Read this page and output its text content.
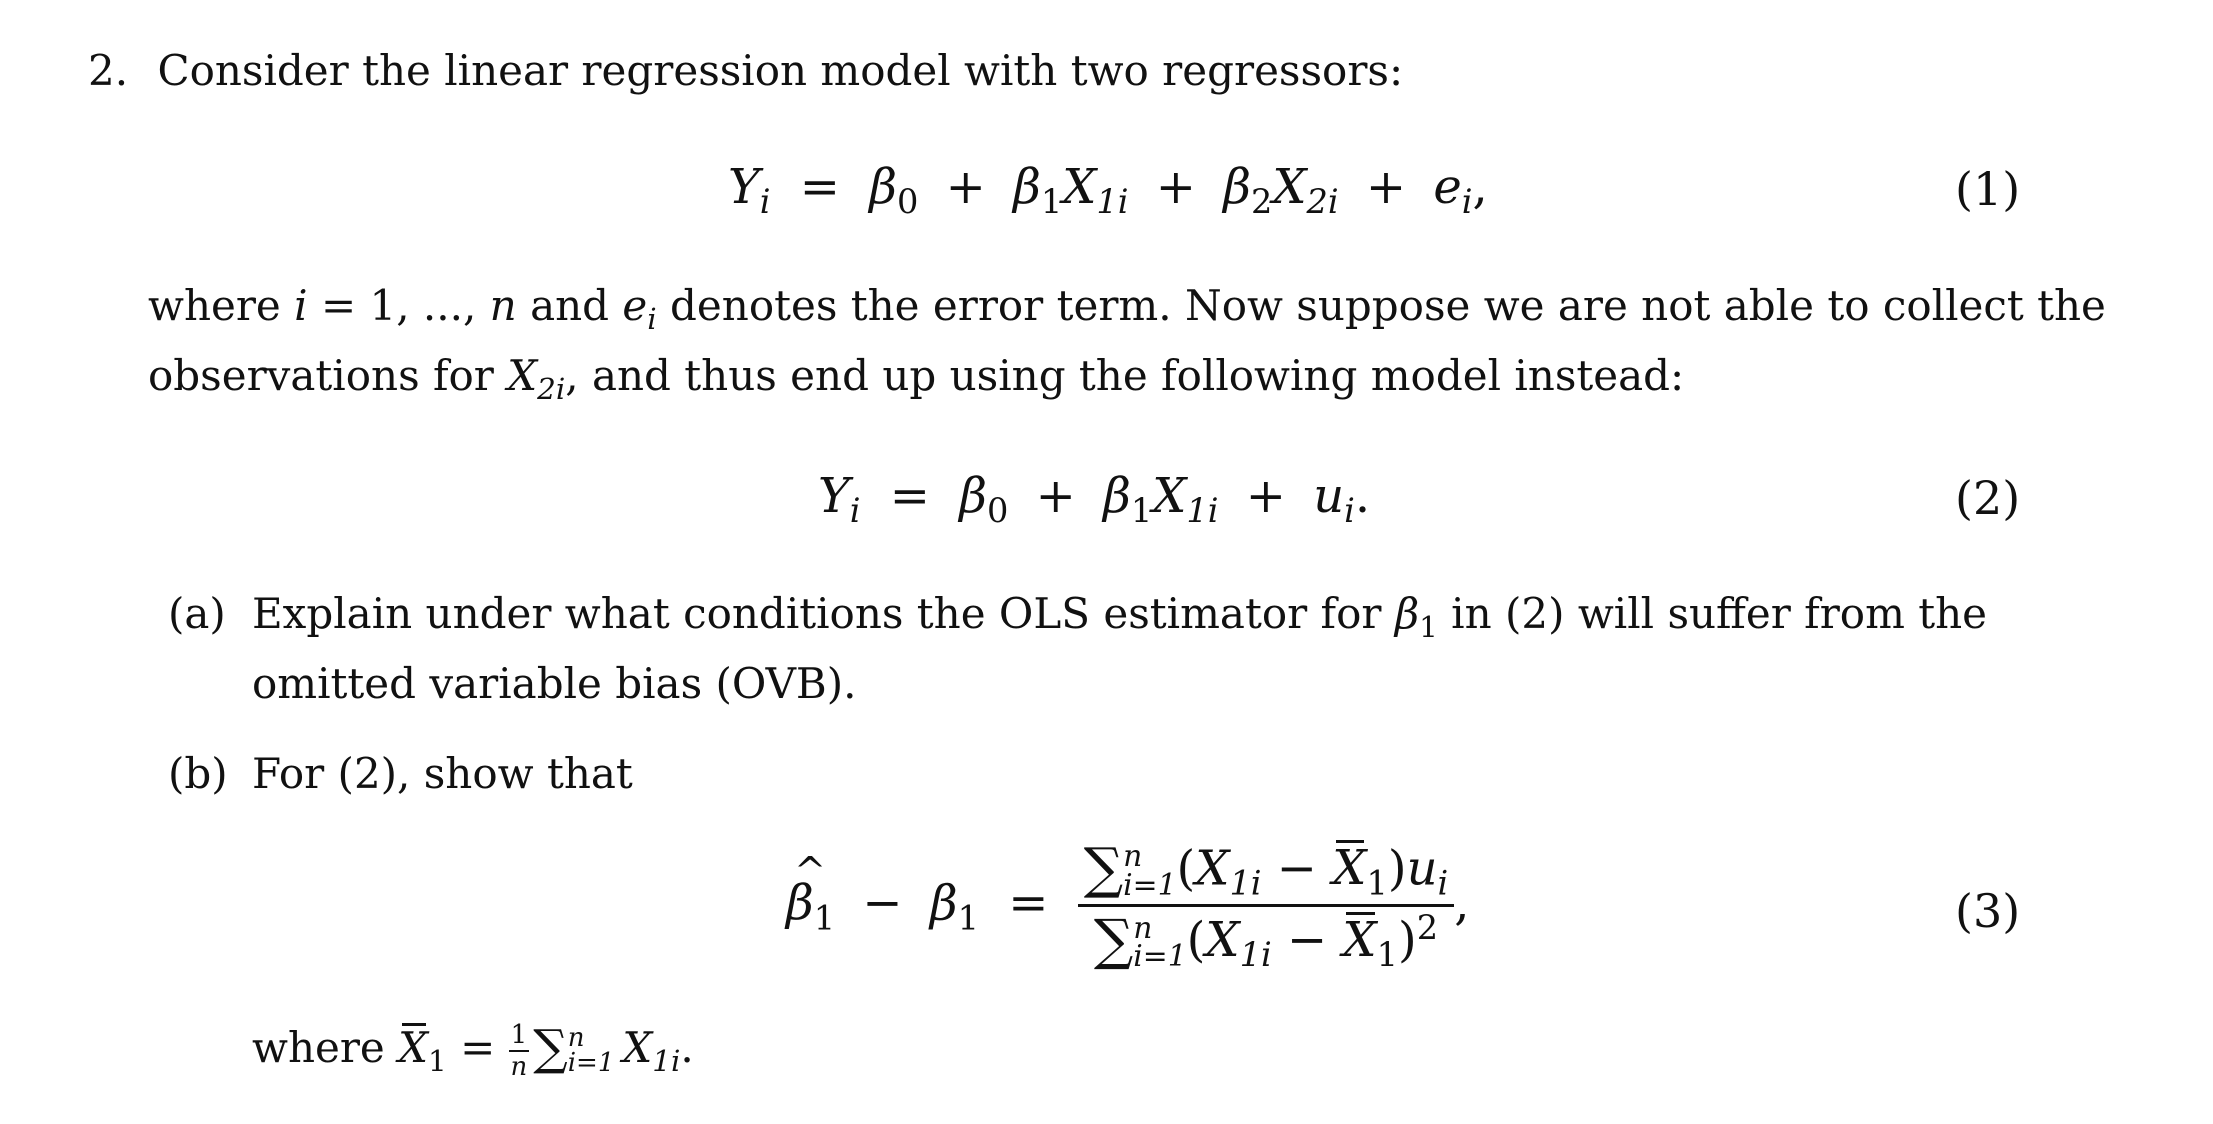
2. Consider the linear regression model with two regressors:
$Y_i = \beta_0 + \beta_1X_{1i} + \beta_2X_{2i} + e_i$,	(1)
where i = 1, ..., n and $e_i$ denotes the error term. Now suppose we are not able to collect the
observations for $X_{2i}$, and thus end up using the following model instead:
$Y_i = \beta_0 + \beta_1X_{1i} + u_i$.	(2)
(a) Explain under what conditions the OLS estimator for $\beta_1$ in (2) will suffer from the
omitted variable bias (OVB).
(b) For (2), show that
^ $\beta_1 - \beta_1$ = ∑ n
i=1 $(X_{1i} - X_1)u_i$
∑ n
i=1 $(X_{1i} - X_1)^2$ ,	(3)
where $X_1 = \frac{1}{n}$ ∑ n
i=1 $X_{1i}$.
